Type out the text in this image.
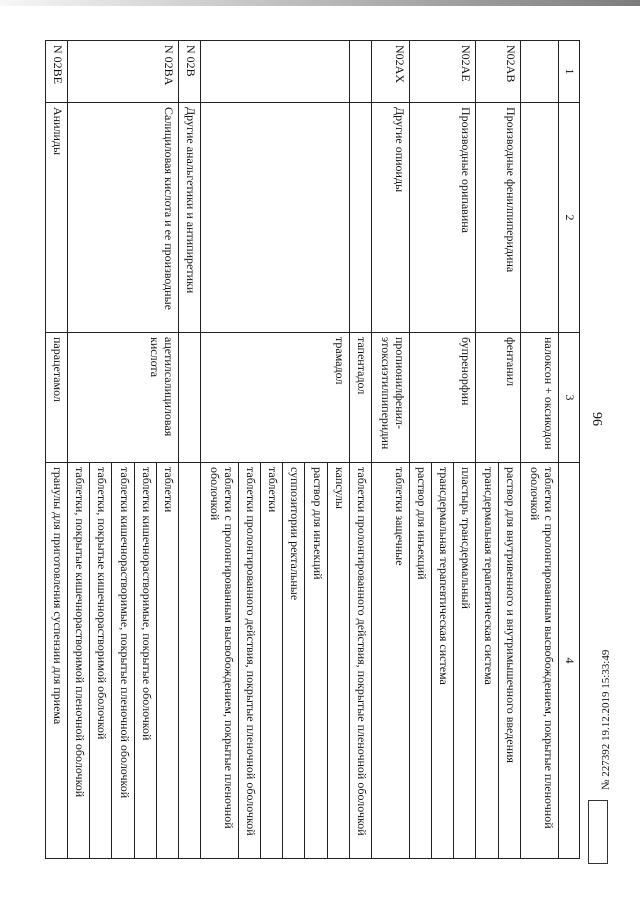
96
№ 227392 19.12.2019 15:33:49
1	2	3	4
		налоксон + оксикодон	таблетки с пролонгированным высвобождением, покрытые пленочной оболочкой
N02AB	Производные фенилпиперидина	фентанил	раствор для внутривенного и внутримышечного введения
			трансдермальная терапевтическая система
N02AE	Производные орипавина	бупренорфин	пластырь трансдермальный
			трансдермальная терапевтическая система
			раствор для инъекций
N02AX	Другие опиоиды	пропионилфенил-этоксиэтилпиперидин	таблетки защечные
		тапентадол	таблетки пролонгированного действия, покрытые пленочной оболочкой
		трамадол	капсулы
			раствор для инъекций
			суппозитории ректальные
			таблетки
			таблетки пролонгированного действия, покрытые пленочной оболочкой
			таблетки с пролонгированным высвобождением, покрытые пленочной оболочкой
N 02B	Другие анальгетики и антипиретики		
N 02BA	Салициловая кислота и ее производные	ацетилсалициловая кислота	таблетки
			таблетки кишечнорастворимые, покрытые оболочкой
			таблетки кишечнорастворимые, покрытые пленочной оболочкой
			таблетки, покрытые кишечнорастворимой оболочкой
			таблетки, покрытые кишечнорастворимой пленочной оболочкой
N 02BE	Анилиды	парацетамол	гранулы для приготовления суспензии для приема
